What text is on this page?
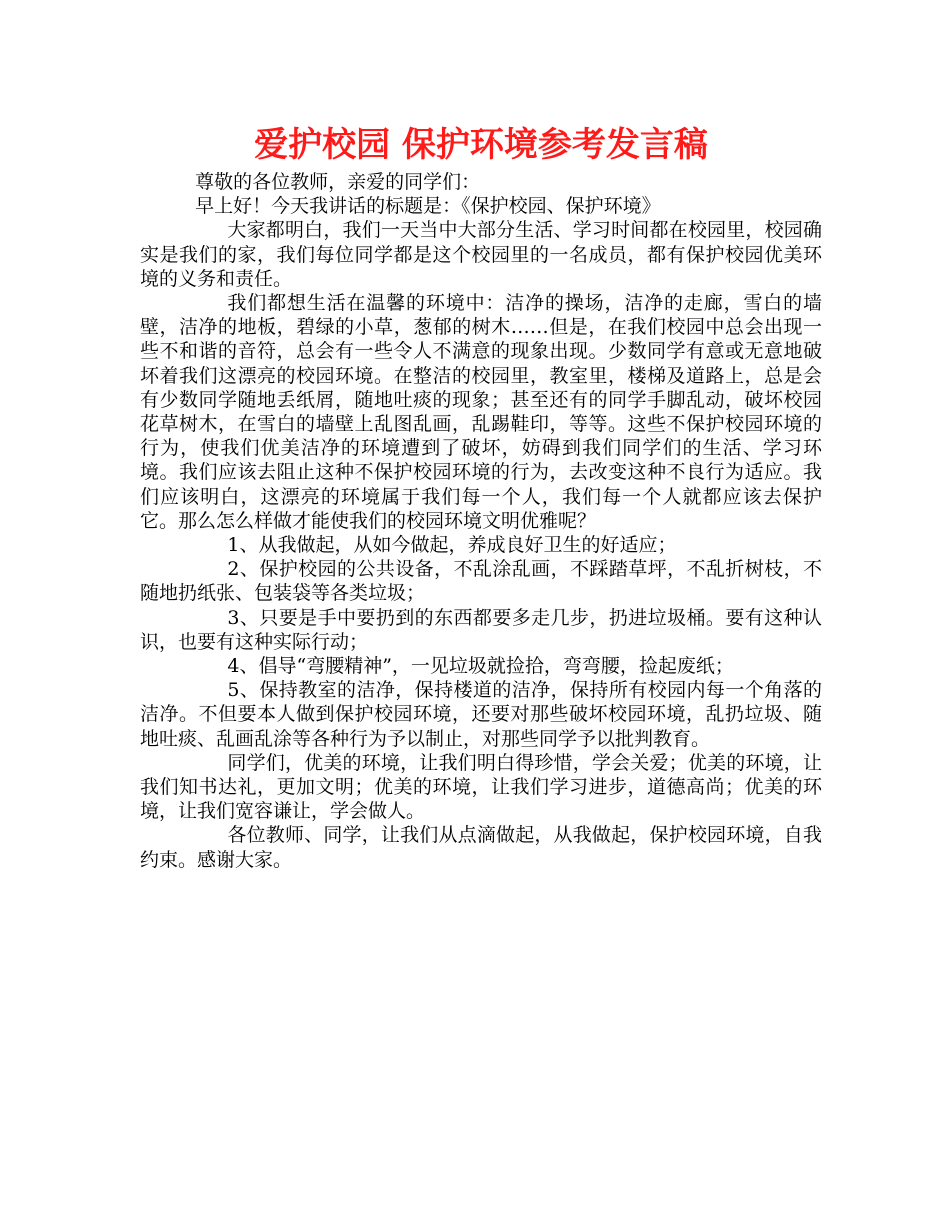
爱护校园 保护环境参考发言稿

尊敬的各位教师，亲爱的同学们：

早上好！今天我讲话的标题是：《保护校园、保护环境》

大家都明白，我们一天当中大部分生活、学习时间都在校园里，校园确实是我们的家，我们每位同学都是这个校园里的一名成员，都有保护校园优美环境的义务和责任。

我们都想生活在温馨的环境中：洁净的操场，洁净的走廊，雪白的墙壁，洁净的地板，碧绿的小草，葱郁的树木……但是，在我们校园中总会出现一些不和谐的音符，总会有一些令人不满意的现象出现。少数同学有意或无意地破坏着我们这漂亮的校园环境。在整洁的校园里，教室里，楼梯及道路上，总是会有少数同学随地丢纸屑，随地吐痰的现象；甚至还有的同学手脚乱动，破坏校园花草树木，在雪白的墙壁上乱图乱画，乱踢鞋印，等等。这些不保护校园环境的行为，使我们优美洁净的环境遭到了破坏，妨碍到我们同学们的生活、学习环境。我们应该去阻止这种不保护校园环境的行为，去改变这种不良行为适应。我们应该明白，这漂亮的环境属于我们每一个人，我们每一个人就都应该去保护它。那么怎么样做才能使我们的校园环境文明优雅呢？

1、从我做起，从如今做起，养成良好卫生的好适应；

2、保护校园的公共设备，不乱涂乱画，不踩踏草坪，不乱折树枝，不随地扔纸张、包装袋等各类垃圾；

3、只要是手中要扔到的东西都要多走几步，扔进垃圾桶。要有这种认识，也要有这种实际行动；

4、倡导“弯腰精神”，一见垃圾就捡拾，弯弯腰，捡起废纸；

5、保持教室的洁净，保持楼道的洁净，保持所有校园内每一个角落的洁净。不但要本人做到保护校园环境，还要对那些破坏校园环境，乱扔垃圾、随地吐痰、乱画乱涂等各种行为予以制止，对那些同学予以批判教育。

同学们，优美的环境，让我们明白得珍惜，学会关爱；优美的环境，让我们知书达礼，更加文明；优美的环境，让我们学习进步，道德高尚；优美的环境，让我们宽容谦让，学会做人。

各位教师、同学，让我们从点滴做起，从我做起，保护校园环境，自我约束。感谢大家。
